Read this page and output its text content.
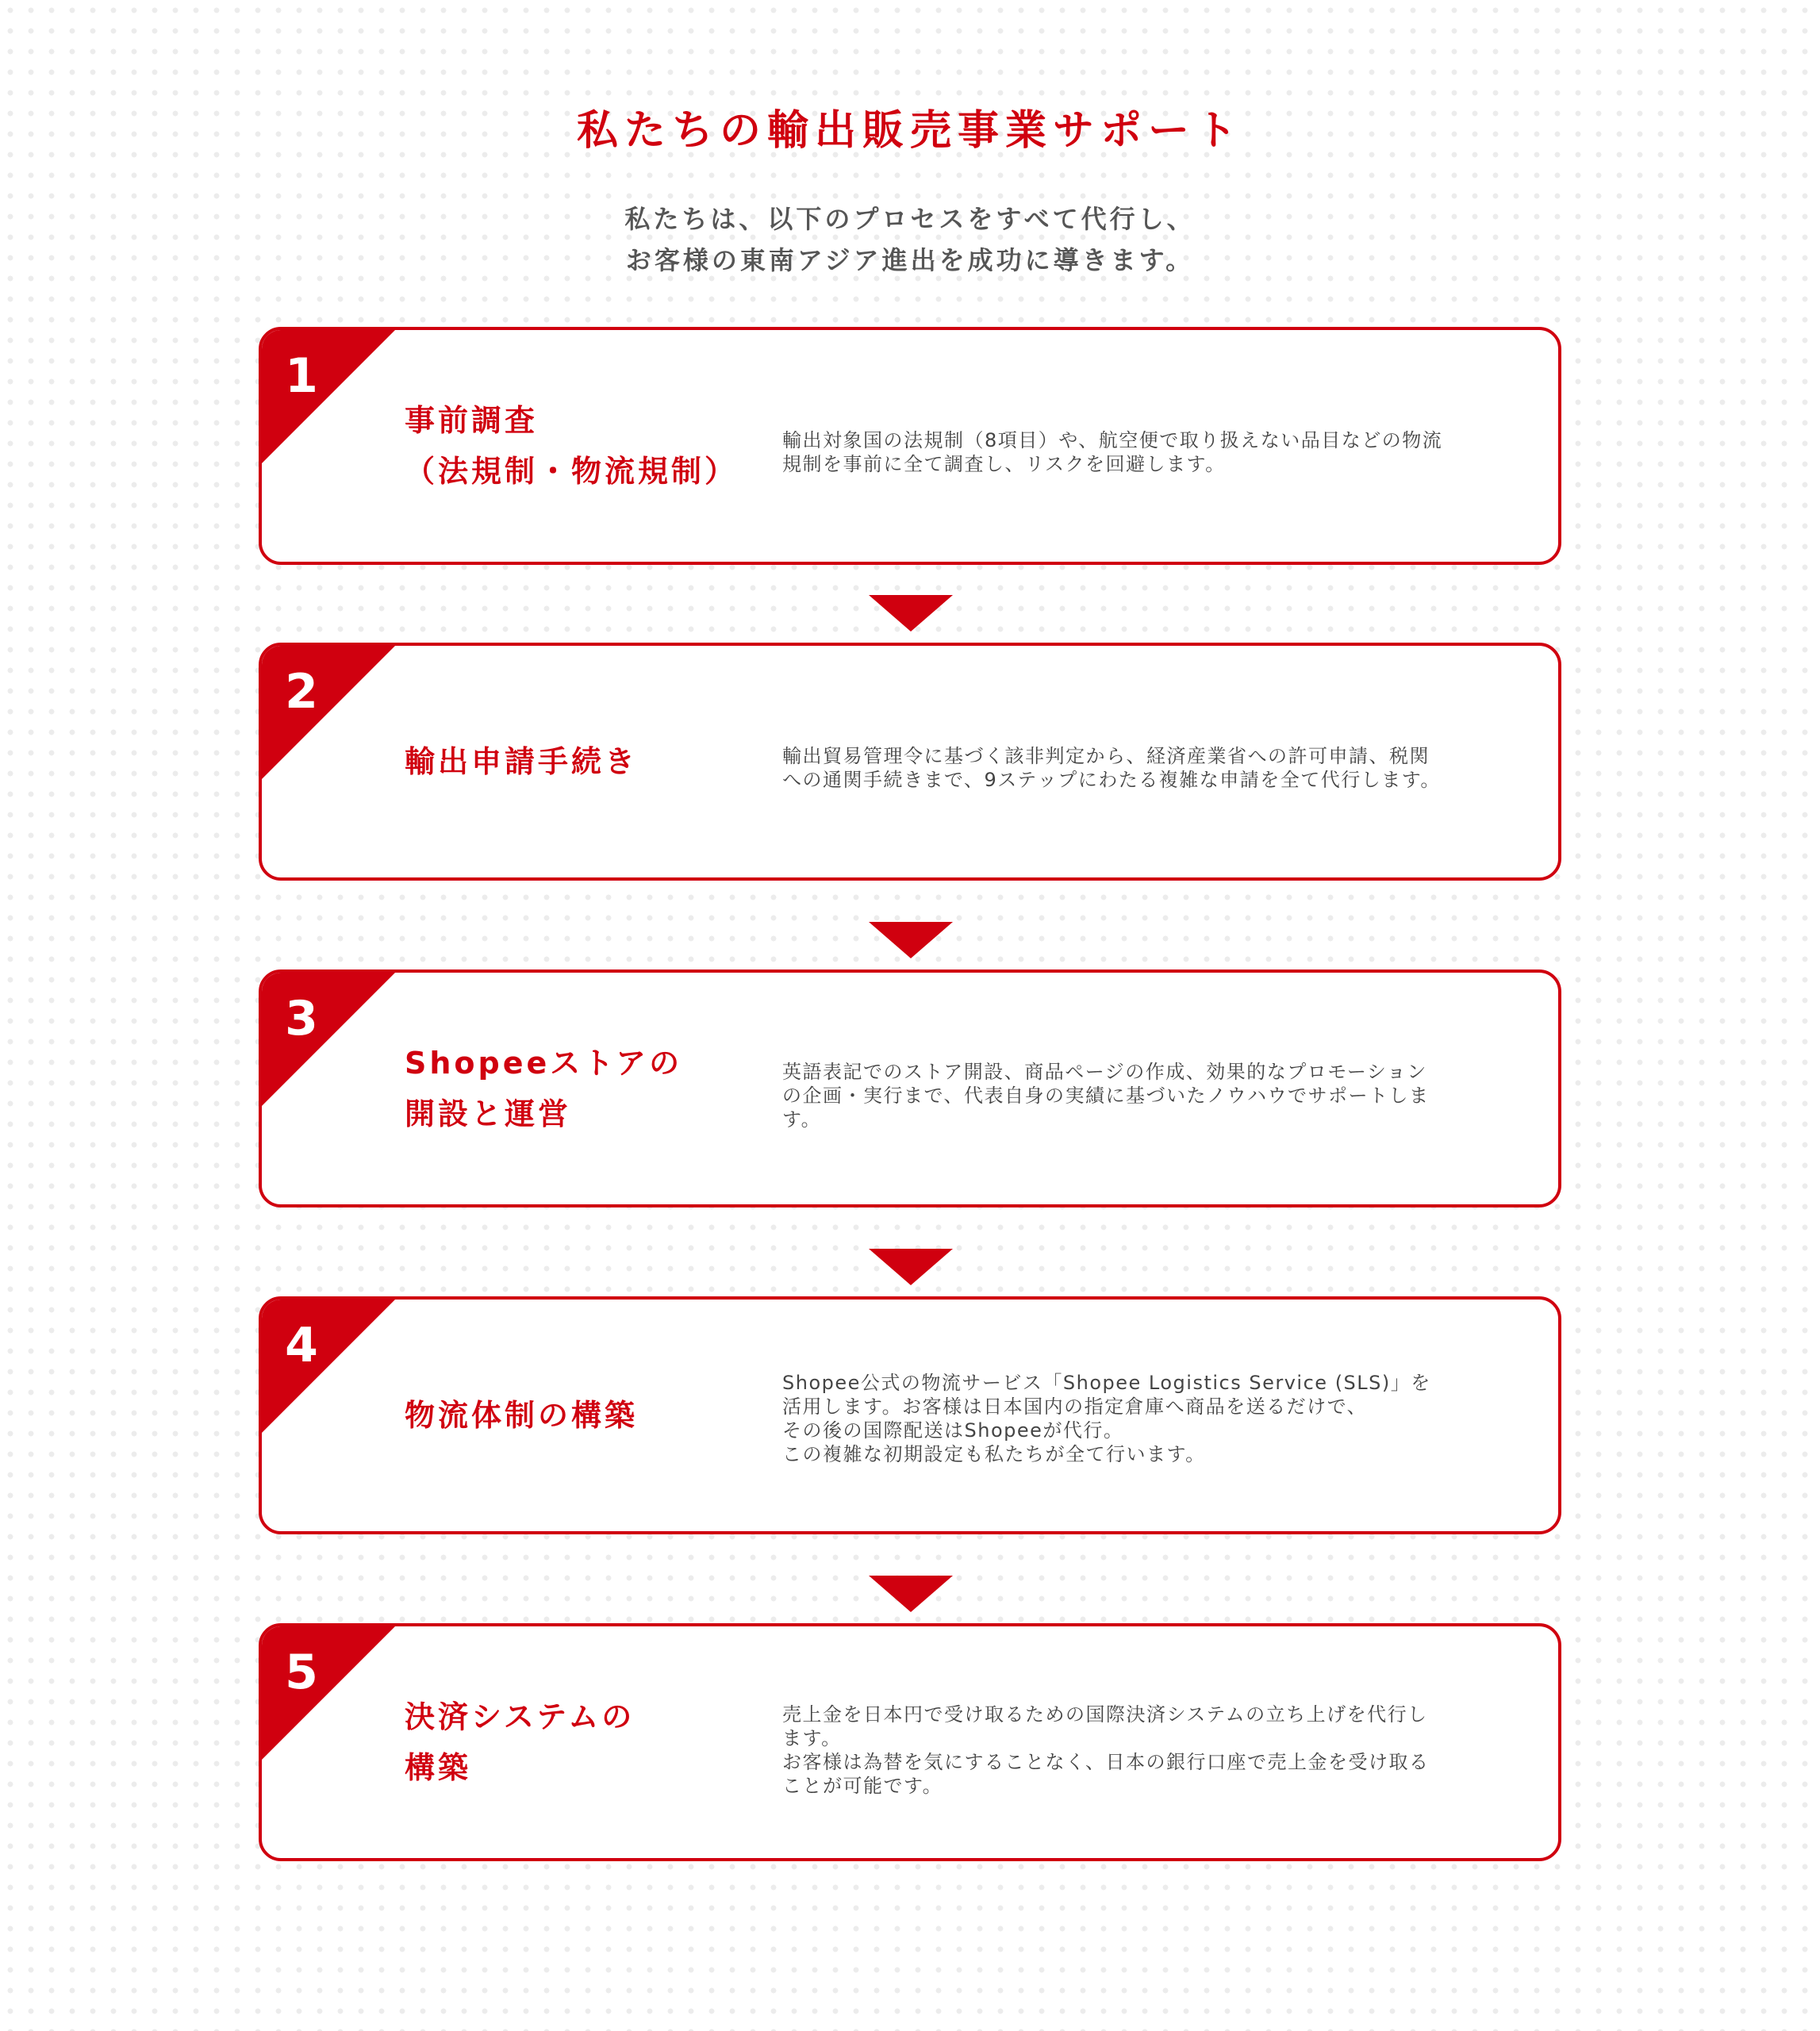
私たちの輸出販売事業サポート
私たちは、以下のプロセスをすべて代行し、
お客様の東南アジア進出を成功に導きます。
1
事前調査
（法規制・物流規制）
輸出対象国の法規制（8項目）や、航空便で取り扱えない品目などの物流
規制を事前に全て調査し、リスクを回避します。
2
輸出申請手続き	輸出貿易管理令に基づく該非判定から、経済産業省への許可申請、税関
への通関手続きまで、9ステップにわたる複雑な申請を全て代行します。
3
Shopeeストアの
開設と運営
英語表記でのストア開設、商品ページの作成、効果的なプロモーション
の企画・実行まで、代表自身の実績に基づいたノウハウでサポートしま
す。
4
物流体制の構築
Shopee公式の物流サービス「Shopee Logistics Service (SLS)」を
活用します。お客様は日本国内の指定倉庫へ商品を送るだけで、
その後の国際配送はShopeeが代行。
この複雑な初期設定も私たちが全て行います。
5
決済システムの
構築
売上金を日本円で受け取るための国際決済システムの立ち上げを代行し
ます。
お客様は為替を気にすることなく、日本の銀行口座で売上金を受け取る
ことが可能です。
